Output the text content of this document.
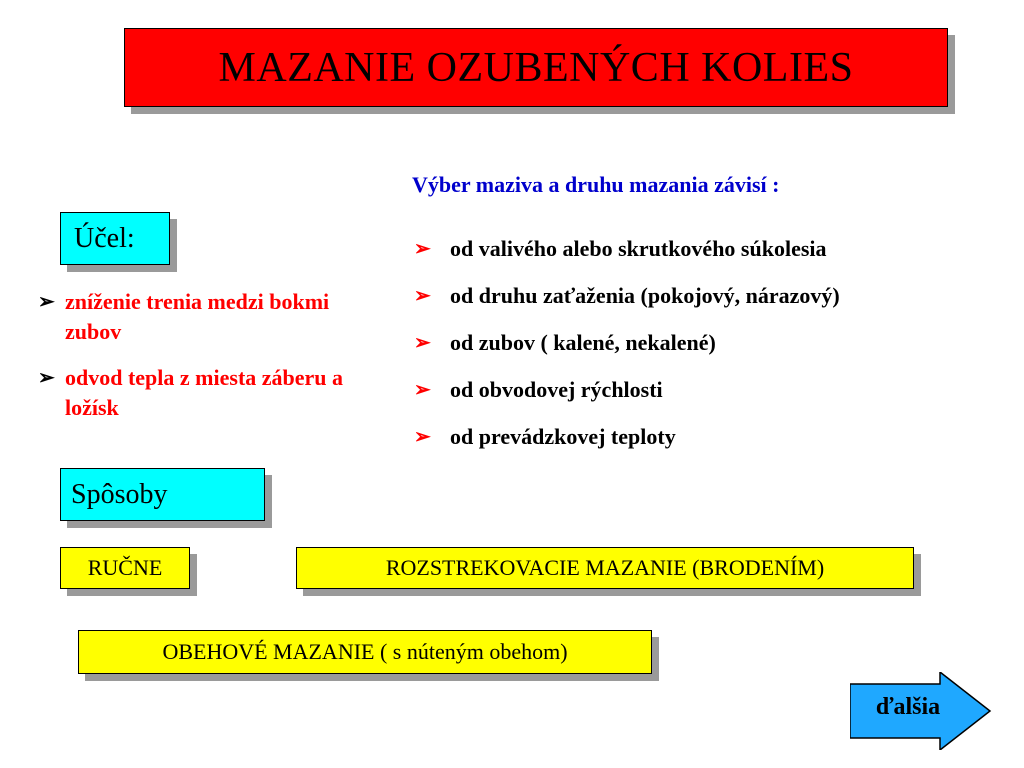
MAZANIE OZUBENÝCH KOLIES
Účel:
➢ zníženie trenia medzi bokmi zubov
➢ odvod tepla z miesta záberu a ložísk
Výber maziva a druhu mazania závisí :
➢ od valivého alebo skrutkového súkolesia
➢ od druhu zaťaženia (pokojový, nárazový)
➢ od zubov ( kalené, nekalené)
➢ od obvodovej rýchlosti
➢ od prevádzkovej teploty
Spôsoby
RUČNE	ROZSTREKOVACIE MAZANIE (BRODENÍM)
OBEHOVÉ MAZANIE ( s núteným obehom)
ďalšia
